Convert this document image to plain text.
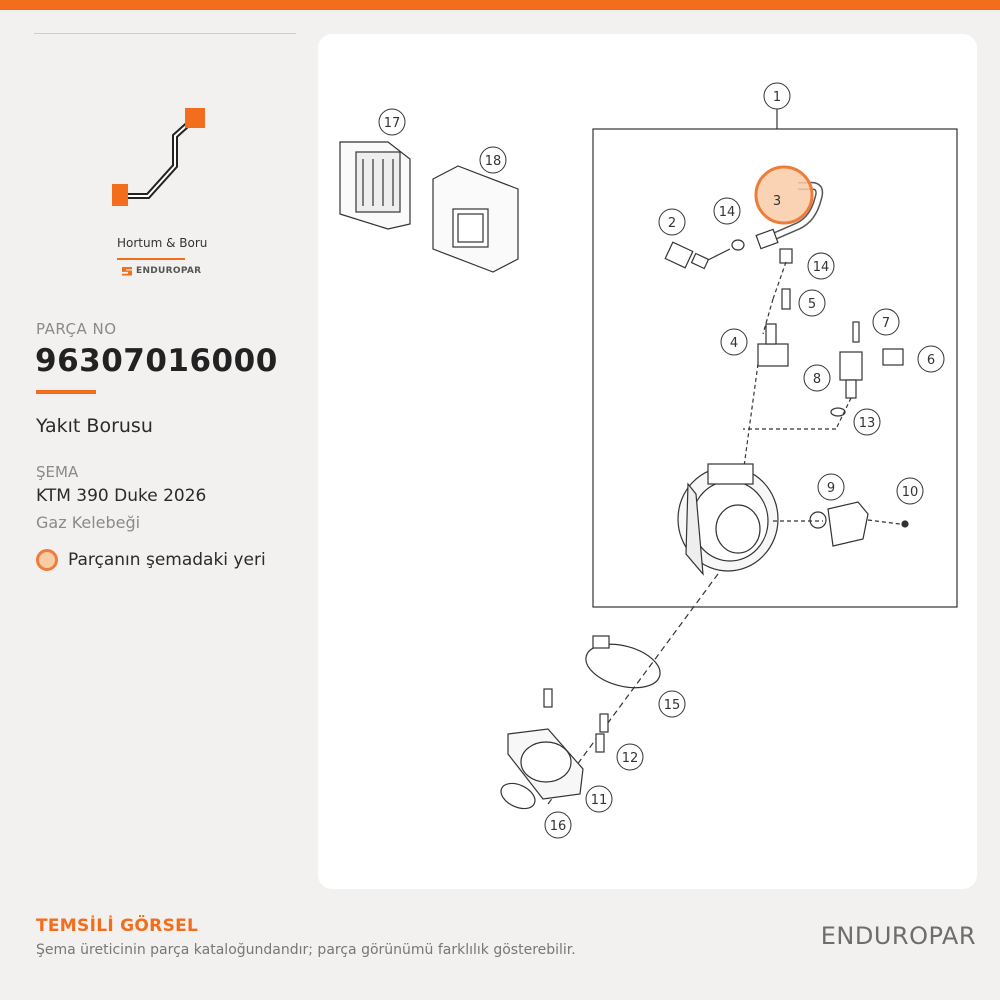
Hortum & Boru
ENDUROPAR
PARÇA NO
96307016000
Yakıt Borusu
ŞEMA
KTM 390 Duke 2026
Gaz Kelebeği
Parçanın şemadaki yeri
1
2
3
4
5
6
7
8
9	10
11
12
13
14
14
15
16
17
18
TEMSİLİ GÖRSEL
Şema üreticinin parça kataloğundandır; parça görünümü farklılık gösterebilir.	ENDUROPAR
